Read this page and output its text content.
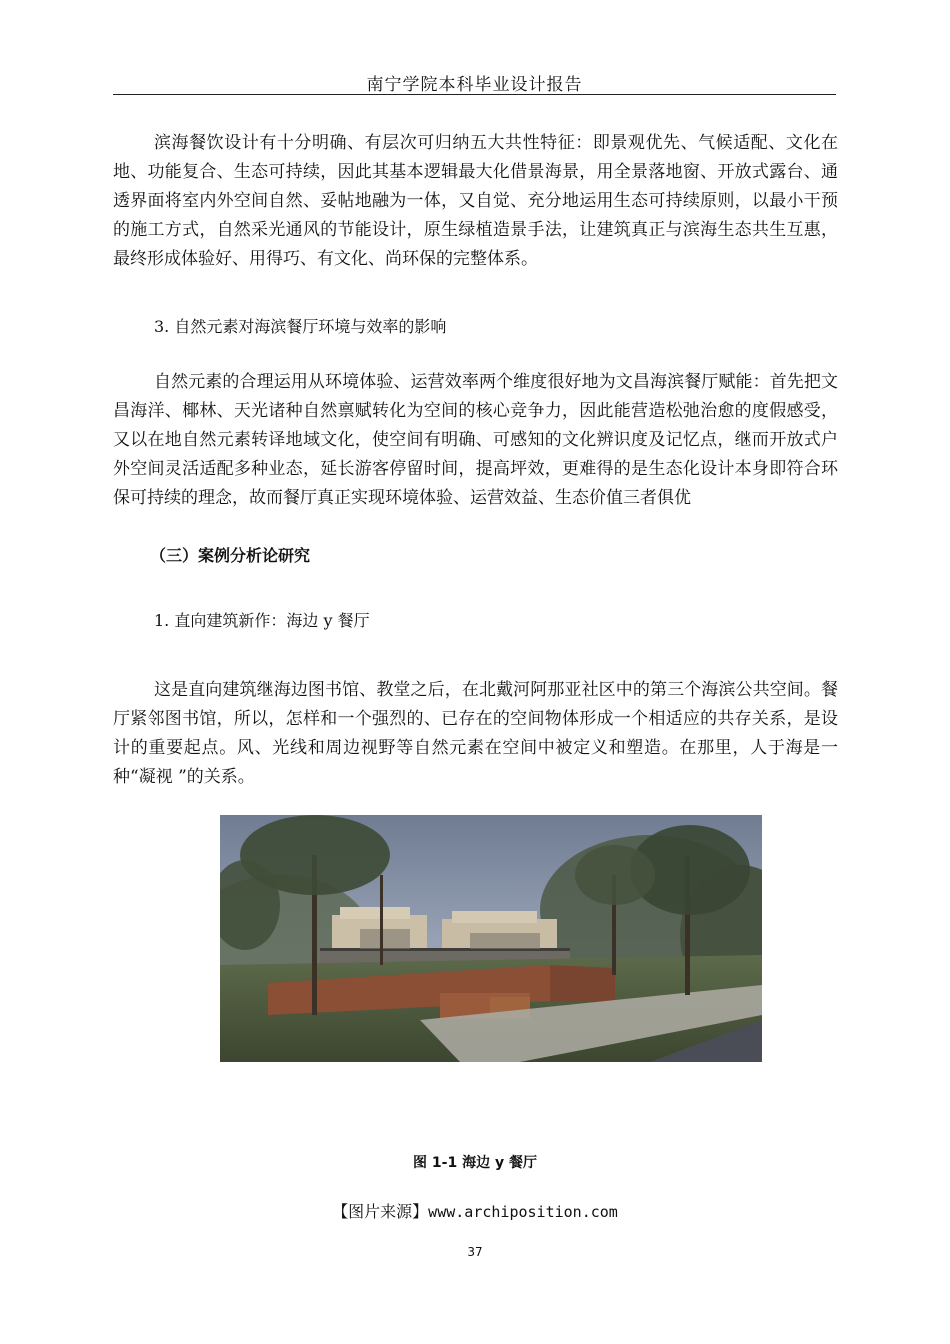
南宁学院本科毕业设计报告

滨海餐饮设计有十分明确、有层次可归纳五大共性特征：即景观优先、气候适配、文化在地、功能复合、生态可持续，因此其基本逻辑最大化借景海景，用全景落地窗、开放式露台、通透界面将室内外空间自然、妥帖地融为一体，又自觉、充分地运用生态可持续原则，以最小干预的施工方式，自然采光通风的节能设计，原生绿植造景手法，让建筑真正与滨海生态共生互惠，最终形成体验好、用得巧、有文化、尚环保的完整体系。

3. 自然元素对海滨餐厅环境与效率的影响

自然元素的合理运用从环境体验、运营效率两个维度很好地为文昌海滨餐厅赋能：首先把文昌海洋、椰林、天光诸种自然禀赋转化为空间的核心竞争力，因此能营造松弛治愈的度假感受，又以在地自然元素转译地域文化，使空间有明确、可感知的文化辨识度及记忆点，继而开放式户外空间灵活适配多种业态，延长游客停留时间，提高坪效，更难得的是生态化设计本身即符合环保可持续的理念，故而餐厅真正实现环境体验、运营效益、生态价值三者俱优

（三）案例分析论研究
1. 直向建筑新作：海边 y 餐厅

这是直向建筑继海边图书馆、教堂之后，在北戴河阿那亚社区中的第三个海滨公共空间。餐厅紧邻图书馆，所以，怎样和一个强烈的、已存在的空间物体形成一个相适应的共存关系，是设计的重要起点。风、光线和周边视野等自然元素在空间中被定义和塑造。在那里，人于海是一种“凝视 ”的关系。

图 1-1 海边 y 餐厅
【图片来源】www.archiposition.com
37
